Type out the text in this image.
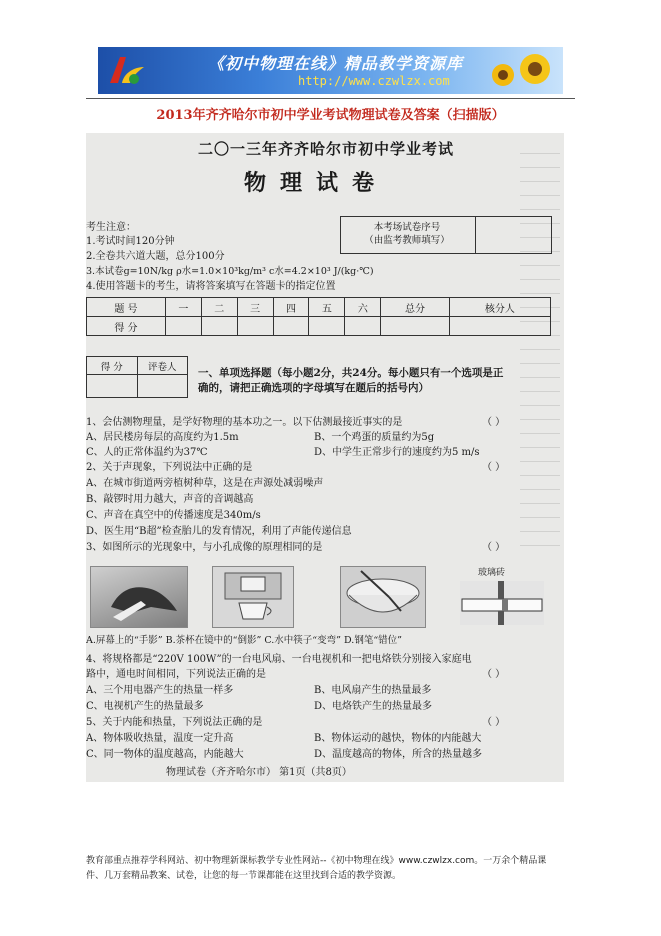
《初中物理在线》精品教学资源库
http://www.czwlzx.com
2013年齐齐哈尔市初中学业考试物理试卷及答案（扫描版）
二〇一三年齐齐哈尔市初中学业考试
物理试卷
本考场试卷序号
（由监考教师填写）
考生注意：
1.考试时间120分钟
2.全卷共六道大题，总分100分
3.本试卷g=10N/kg ρ水=1.0×10³kg/m³ c水=4.2×10³ J/(kg·℃)
4.使用答题卡的考生，请将答案填写在答题卡的指定位置
题 号	一	二	三	四	五	六	总分	核分人
得 分								
得 分	评卷人
	一、单项选择题（每小题2分，共24分。每小题只有一个选项是正
确的，请把正确选项的字母填写在题后的括号内）
1、会估测物理量，是学好物理的基本功之一。以下估测最接近事实的是	（ ）
A、居民楼房每层的高度约为1.5m	B、一个鸡蛋的质量约为5g
C、人的正常体温约为37℃	D、中学生正常步行的速度约为5 m/s
2、关于声现象，下列说法中正确的是	（ ）
A、在城市街道两旁植树种草，这是在声源处减弱噪声
B、敲锣时用力越大，声音的音调越高
C、声音在真空中的传播速度是340m/s
D、医生用“B超”检查胎儿的发育情况，利用了声能传递信息
3、如图所示的光现象中，与小孔成像的原理相同的是	（ ）
玻璃砖
A.屏幕上的“手影” B.茶杯在镜中的“倒影” C.水中筷子“变弯” D.钢笔“错位”
4、将规格都是“220V 100W”的一台电风扇、一台电视机和一把电烙铁分别接入家庭电
路中，通电时间相同，下列说法正确的是	（ ）
A、三个用电器产生的热量一样多	B、电风扇产生的热量最多
C、电视机产生的热量最多	D、电烙铁产生的热量最多
5、关于内能和热量，下列说法正确的是	（ ）
A、物体吸收热量，温度一定升高	B、物体运动的越快，物体的内能越大
C、同一物体的温度越高，内能越大	D、温度越高的物体，所含的热量越多
物理试卷（齐齐哈尔市） 第1页（共8页）
教育部重点推荐学科网站、初中物理新课标教学专业性网站--《初中物理在线》www.czwlzx.com。一万余个精品课
件、几万套精品教案、试卷，让您的每一节课都能在这里找到合适的教学资源。
